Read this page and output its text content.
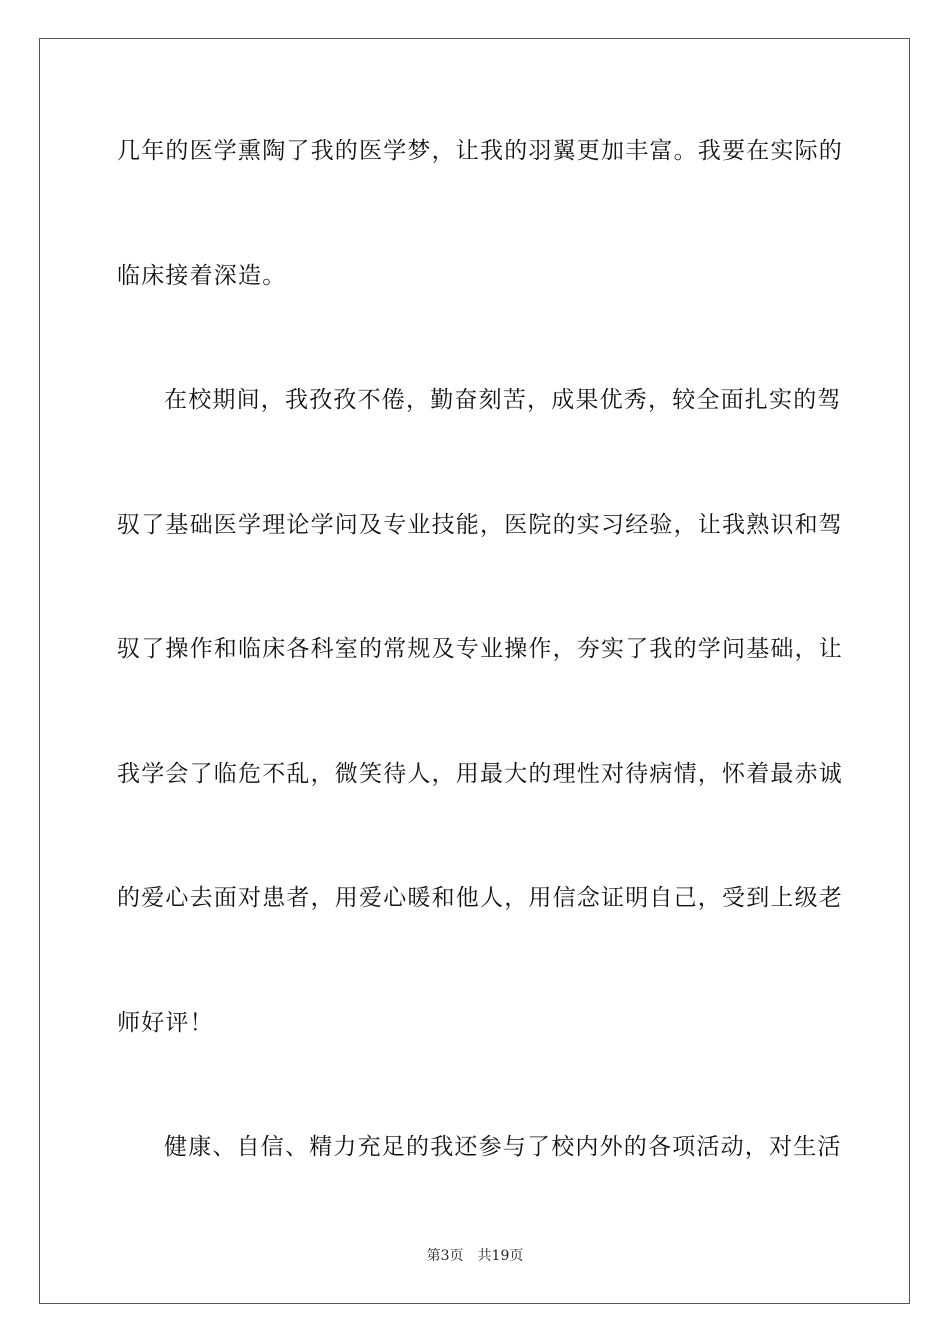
几年的医学熏陶了我的医学梦，让我的羽翼更加丰富。我要在实际的
临床接着深造。
在校期间，我孜孜不倦，勤奋刻苦，成果优秀，较全面扎实的驾
驭了基础医学理论学问及专业技能，医院的实习经验，让我熟识和驾
驭了操作和临床各科室的常规及专业操作，夯实了我的学问基础，让
我学会了临危不乱，微笑待人，用最大的理性对待病情，怀着最赤诚
的爱心去面对患者，用爱心暖和他人，用信念证明自己，受到上级老
师好评！
健康、自信、精力充足的我还参与了校内外的各项活动，对生活
第3页 共19页
